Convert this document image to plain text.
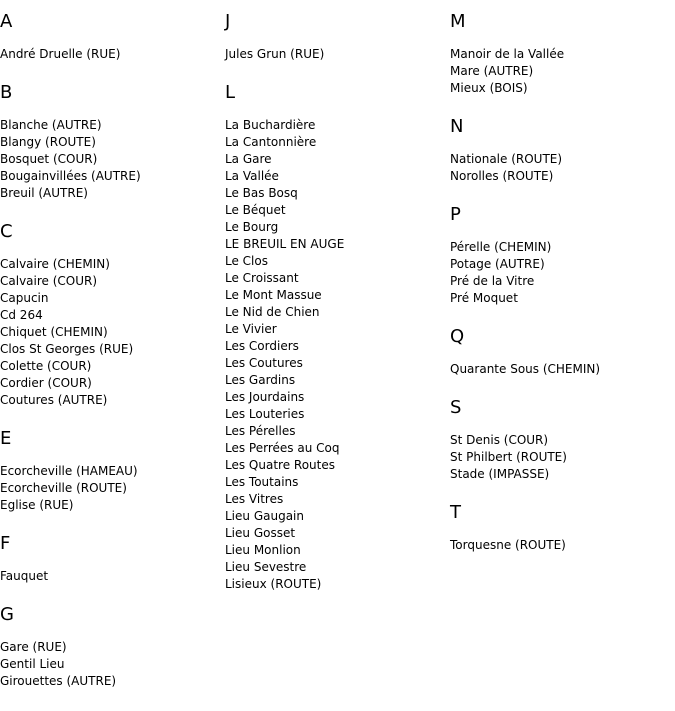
A
André Druelle (RUE)
B
Blanche (AUTRE)
Blangy (ROUTE)
Bosquet (COUR)
Bougainvillées (AUTRE)
Breuil (AUTRE)
C
Calvaire (CHEMIN)
Calvaire (COUR)
Capucin
Cd 264
Chiquet (CHEMIN)
Clos St Georges (RUE)
Colette (COUR)
Cordier (COUR)
Coutures (AUTRE)
E
Ecorcheville (HAMEAU)
Ecorcheville (ROUTE)
Eglise (RUE)
F
Fauquet
G
Gare (RUE)
Gentil Lieu
Girouettes (AUTRE)
J
Jules Grun (RUE)
L
La Buchardière
La Cantonnière
La Gare
La Vallée
Le Bas Bosq
Le Béquet
Le Bourg
LE BREUIL EN AUGE
Le Clos
Le Croissant
Le Mont Massue
Le Nid de Chien
Le Vivier
Les Cordiers
Les Coutures
Les Gardins
Les Jourdains
Les Louteries
Les Pérelles
Les Perrées au Coq
Les Quatre Routes
Les Toutains
Les Vitres
Lieu Gaugain
Lieu Gosset
Lieu Monlion
Lieu Sevestre
Lisieux (ROUTE)
M
Manoir de la Vallée
Mare (AUTRE)
Mieux (BOIS)
N
Nationale (ROUTE)
Norolles (ROUTE)
P
Pérelle (CHEMIN)
Potage (AUTRE)
Pré de la Vitre
Pré Moquet
Q
Quarante Sous (CHEMIN)
S
St Denis (COUR)
St Philbert (ROUTE)
Stade (IMPASSE)
T
Torquesne (ROUTE)
